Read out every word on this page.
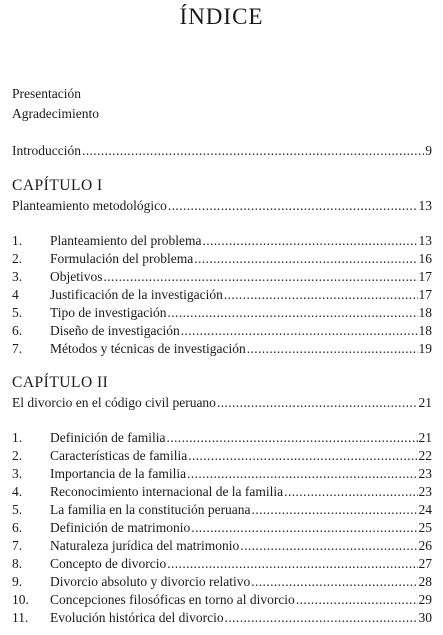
ÍNDICE
Presentación
Agradecimiento
Introducción .....	9
CAPÍTULO I
Planteamiento metodológico .....	13
1.	Planteamiento del problema .....	13
2.	Formulación del problema .....	16
3.	Objetivos .....	17
4	Justificación de la investigación .....	17
5.	Tipo de investigación .....	18
6.	Diseño de investigación .....	18
7.	Métodos y técnicas de investigación .....	19
CAPÍTULO II
El divorcio en el código civil peruano .....	21
1.	Definición de familia .....	21
2.	Características de familia .....	22
3.	Importancia de la familia .....	23
4.	Reconocimiento internacional de la familia .....	23
5.	La familia en la constitución peruana .....	24
6.	Definición de matrimonio .....	25
7.	Naturaleza jurídica del matrimonio .....	26
8.	Concepto de divorcio .....	27
9.	Divorcio absoluto y divorcio relativo .....	28
10.	Concepciones filosóficas en torno al divorcio .....	29
11.	Evolución histórica del divorcio .....	30
